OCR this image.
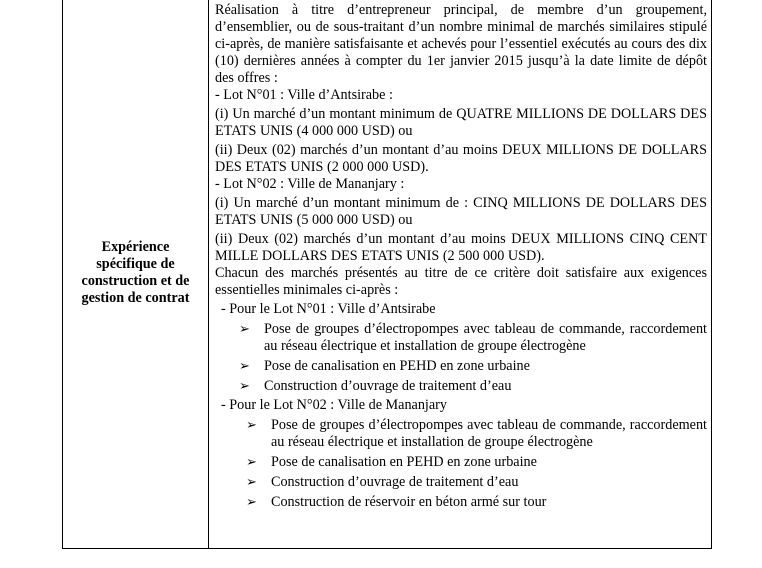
Expérience spécifique de construction et de gestion de contrat

Réalisation à titre d’entrepreneur principal, de membre d’un groupement, d’ensemblier, ou de sous-traitant d’un nombre minimal de marchés similaires stipulé ci-après, de manière satisfaisante et achevés pour l’essentiel exécutés au cours des dix (10) dernières années à compter du 1er janvier 2015 jusqu’à la date limite de dépôt des offres :

- Lot N°01 : Ville d’Antsirabe :

(i) Un marché d’un montant minimum de QUATRE MILLIONS DE DOLLARS DES ETATS UNIS (4 000 000 USD) ou

(ii) Deux (02) marchés d’un montant d’au moins DEUX MILLIONS DE DOLLARS DES ETATS UNIS (2 000 000 USD).

- Lot N°02 : Ville de Mananjary :

(i) Un marché d’un montant minimum de : CINQ MILLIONS DE DOLLARS DES ETATS UNIS (5 000 000 USD) ou

(ii) Deux (02) marchés d’un montant d’au moins DEUX MILLIONS CINQ CENT MILLE DOLLARS DES ETATS UNIS (2 500 000 USD).

Chacun des marchés présentés au titre de ce critère doit satisfaire aux exigences essentielles minimales ci-après :

- Pour le Lot N°01 : Ville d’Antsirabe

➢ Pose de groupes d’électropompes avec tableau de commande, raccordement au réseau électrique et installation de groupe électrogène
➢ Pose de canalisation en PEHD en zone urbaine
➢ Construction d’ouvrage de traitement d’eau

- Pour le Lot N°02 : Ville de Mananjary

➢ Pose de groupes d’électropompes avec tableau de commande, raccordement au réseau électrique et installation de groupe électrogène
➢ Pose de canalisation en PEHD en zone urbaine
➢ Construction d’ouvrage de traitement d’eau
➢ Construction de réservoir en béton armé sur tour
